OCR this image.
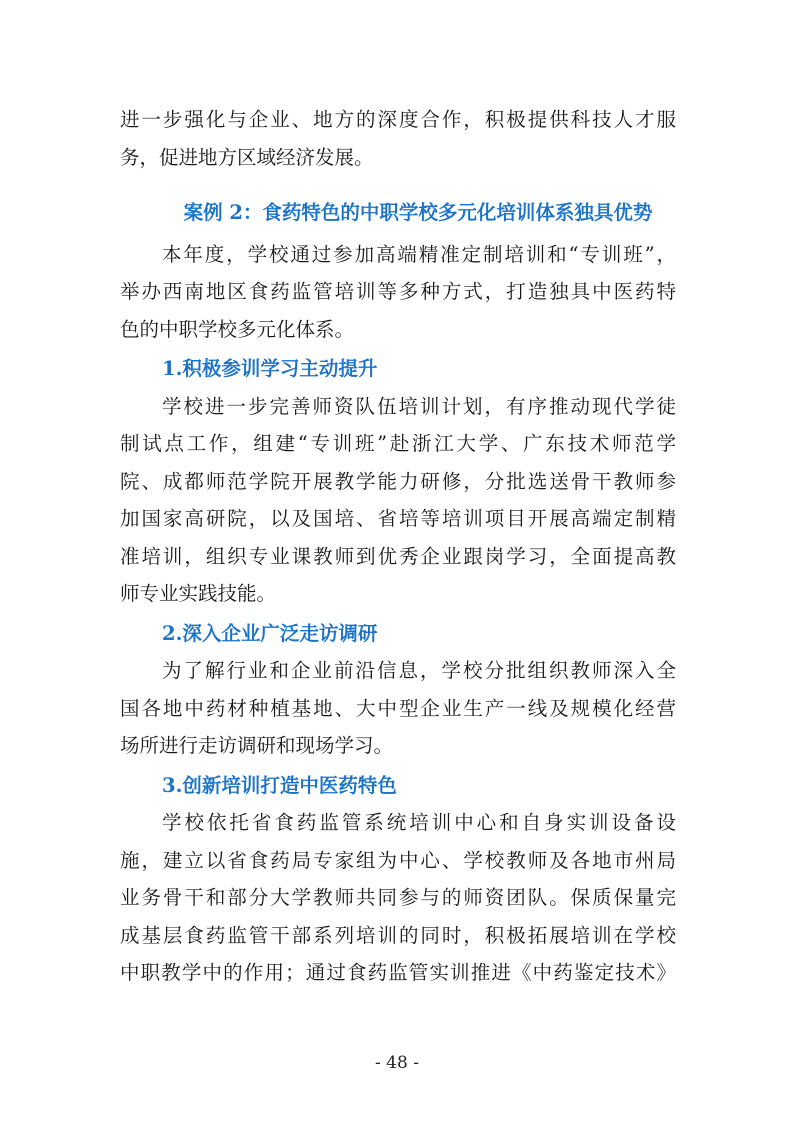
进一步强化与企业、地方的深度合作，积极提供科技人才服
务，促进地方区域经济发展。
案例 2：食药特色的中职学校多元化培训体系独具优势
本年度，学校通过参加高端精准定制培训和“专训班”，
举办西南地区食药监管培训等多种方式，打造独具中医药特
色的中职学校多元化体系。
1.积极参训学习主动提升
学校进一步完善师资队伍培训计划，有序推动现代学徒
制试点工作，组建“专训班”赴浙江大学、广东技术师范学
院、成都师范学院开展教学能力研修，分批选送骨干教师参
加国家高研院，以及国培、省培等培训项目开展高端定制精
准培训，组织专业课教师到优秀企业跟岗学习，全面提高教
师专业实践技能。
2.深入企业广泛走访调研
为了解行业和企业前沿信息，学校分批组织教师深入全
国各地中药材种植基地、大中型企业生产一线及规模化经营
场所进行走访调研和现场学习。
3.创新培训打造中医药特色
学校依托省食药监管系统培训中心和自身实训设备设
施，建立以省食药局专家组为中心、学校教师及各地市州局
业务骨干和部分大学教师共同参与的师资团队。保质保量完
成基层食药监管干部系列培训的同时，积极拓展培训在学校
中职教学中的作用；通过食药监管实训推进《中药鉴定技术》
- 48 -
